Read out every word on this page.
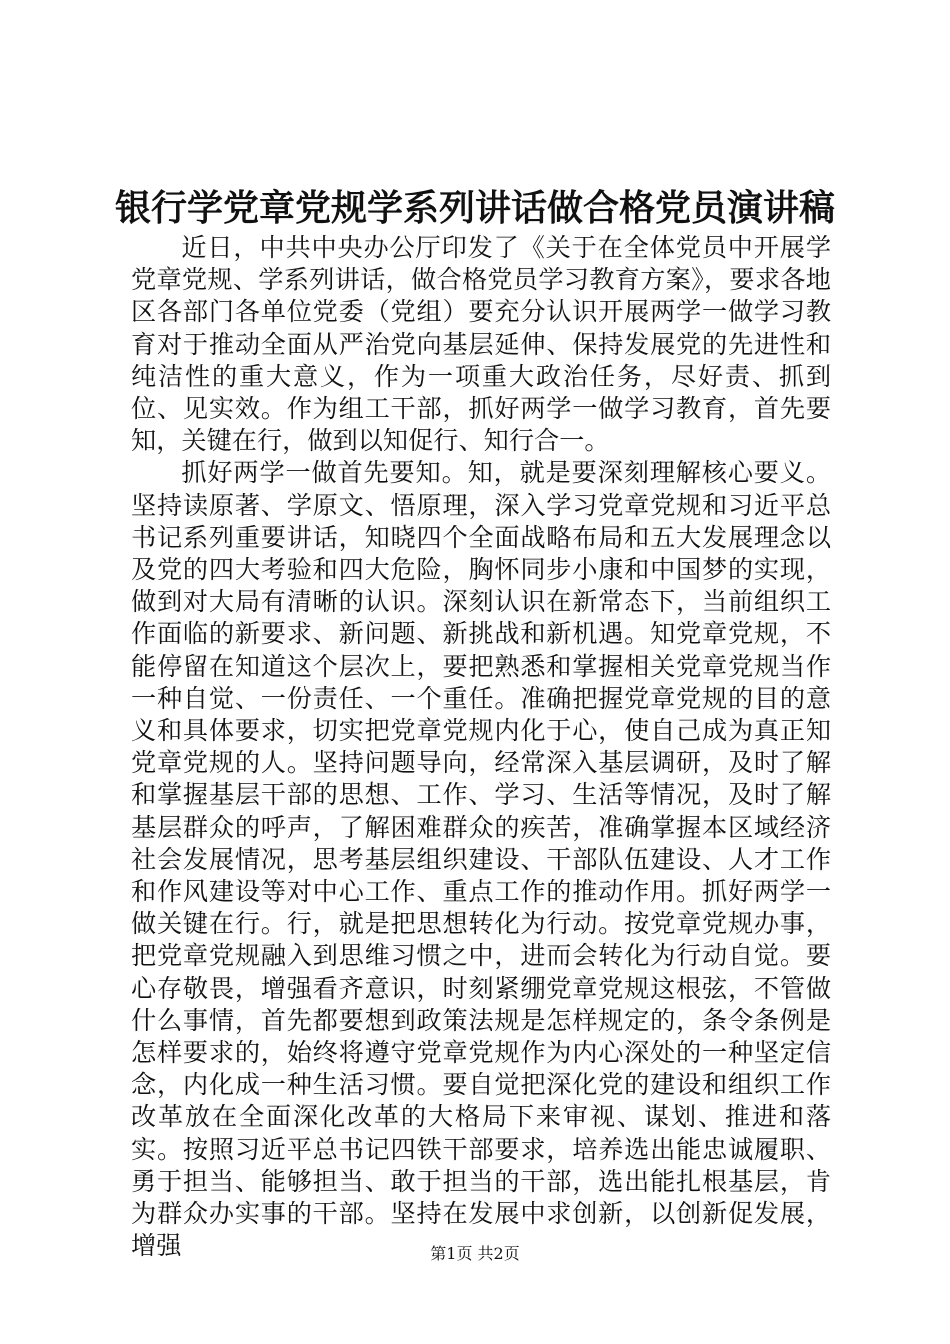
银行学党章党规学系列讲话做合格党员演讲稿

近日，中共中央办公厅印发了《关于在全体党员中开展学党章党规、学系列讲话，做合格党员学习教育方案》，要求各地区各部门各单位党委（党组）要充分认识开展两学一做学习教育对于推动全面从严治党向基层延伸、保持发展党的先进性和纯洁性的重大意义，作为一项重大政治任务，尽好责、抓到位、见实效。作为组工干部，抓好两学一做学习教育，首先要知，关键在行，做到以知促行、知行合一。

抓好两学一做首先要知。知，就是要深刻理解核心要义。坚持读原著、学原文、悟原理，深入学习党章党规和习近平总书记系列重要讲话，知晓四个全面战略布局和五大发展理念以及党的四大考验和四大危险，胸怀同步小康和中国梦的实现，做到对大局有清晰的认识。深刻认识在新常态下，当前组织工作面临的新要求、新问题、新挑战和新机遇。知党章党规，不能停留在知道这个层次上，要把熟悉和掌握相关党章党规当作一种自觉、一份责任、一个重任。准确把握党章党规的目的意义和具体要求，切实把党章党规内化于心，使自己成为真正知党章党规的人。坚持问题导向，经常深入基层调研，及时了解和掌握基层干部的思想、工作、学习、生活等情况，及时了解基层群众的呼声，了解困难群众的疾苦，准确掌握本区域经济社会发展情况，思考基层组织建设、干部队伍建设、人才工作和作风建设等对中心工作、重点工作的推动作用。抓好两学一做关键在行。行，就是把思想转化为行动。按党章党规办事，把党章党规融入到思维习惯之中，进而会转化为行动自觉。要心存敬畏，增强看齐意识，时刻紧绷党章党规这根弦，不管做什么事情，首先都要想到政策法规是怎样规定的，条令条例是怎样要求的，始终将遵守党章党规作为内心深处的一种坚定信念，内化成一种生活习惯。要自觉把深化党的建设和组织工作改革放在全面深化改革的大格局下来审视、谋划、推进和落实。按照习近平总书记四铁干部要求，培养选出能忠诚履职、勇于担当、能够担当、敢于担当的干部，选出能扎根基层，肯为群众办实事的干部。坚持在发展中求创新，以创新促发展，增强	第1页 共2页
